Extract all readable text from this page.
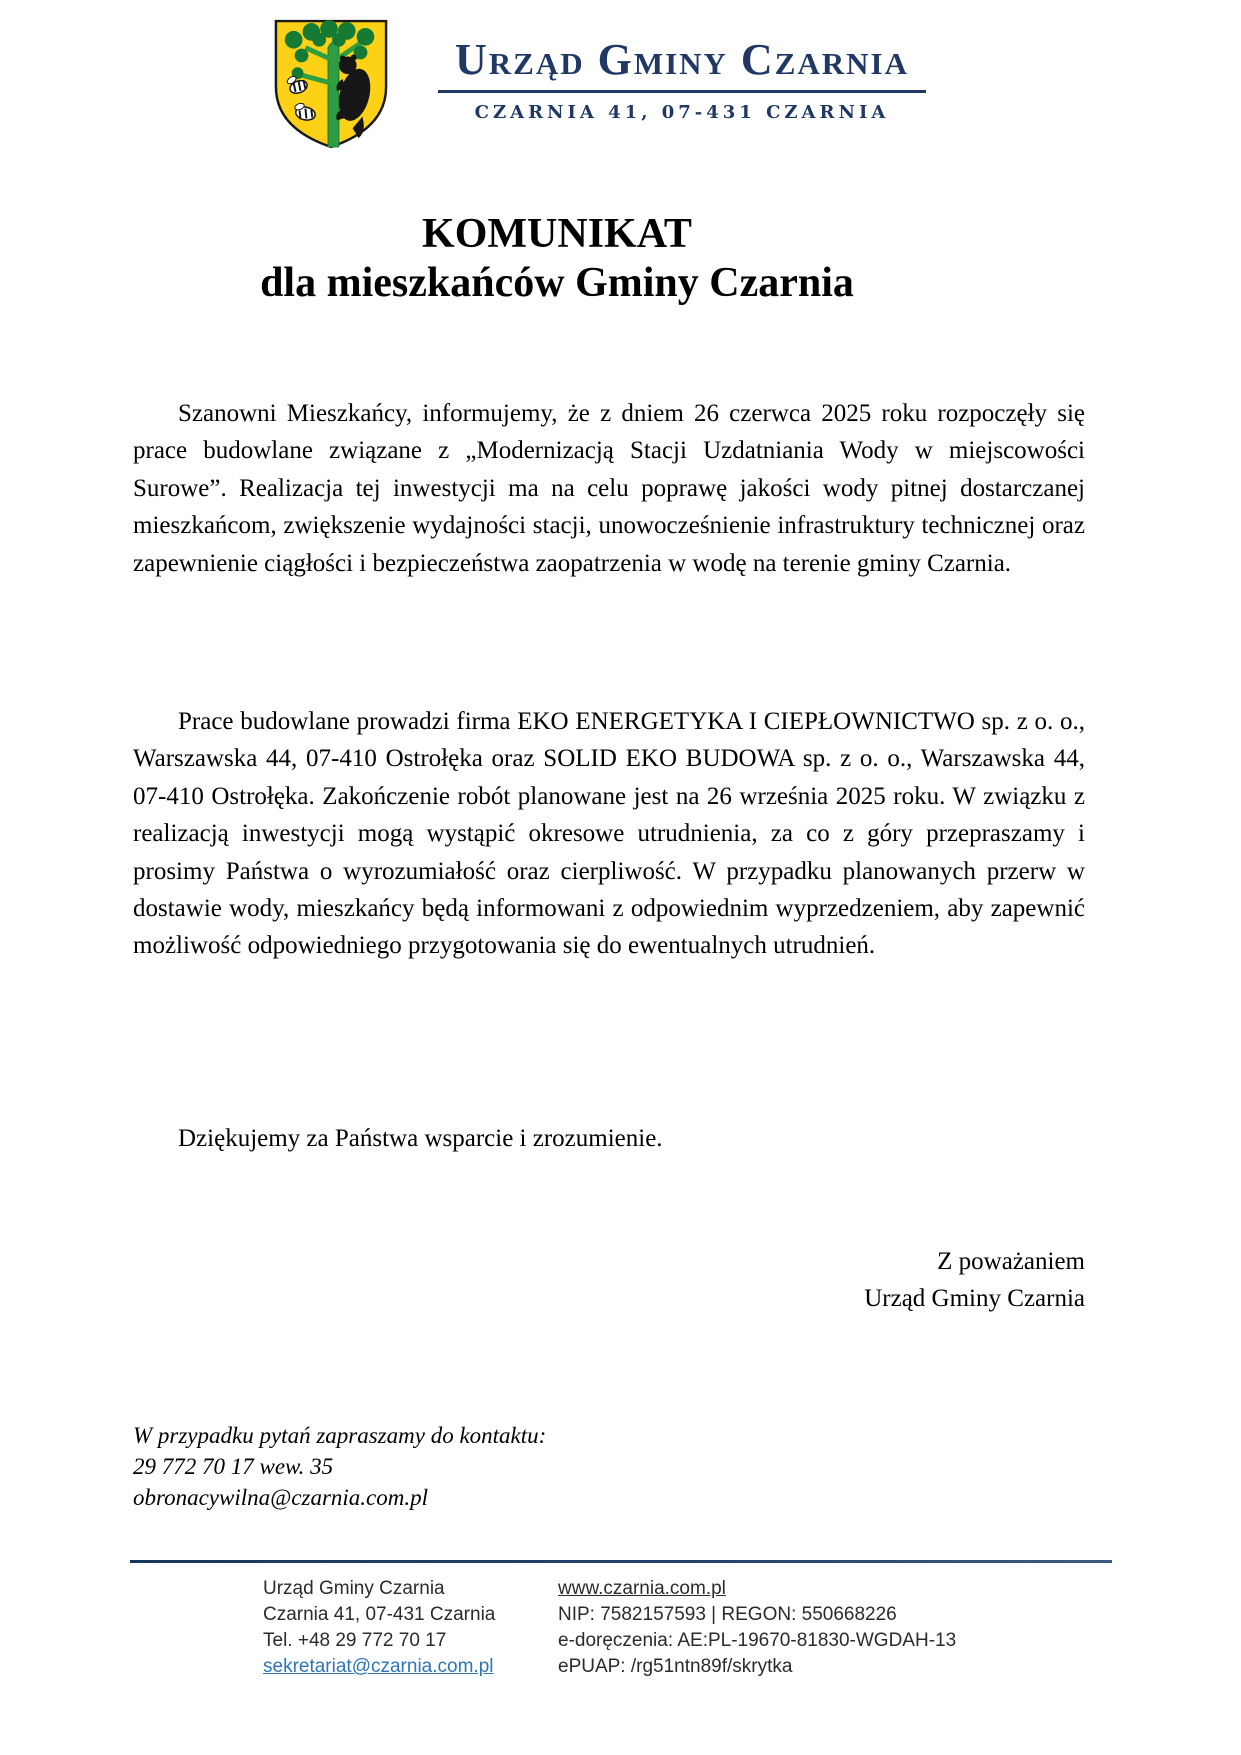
Urząd Gminy Czarnia
CZARNIA 41, 07-431 CZARNIA
KOMUNIKAT
dla mieszkańców Gminy Czarnia

Szanowni Mieszkańcy, informujemy, że z dniem 26 czerwca 2025 roku rozpoczęły się prace budowlane związane z „Modernizacją Stacji Uzdatniania Wody w miejscowości Surowe”. Realizacja tej inwestycji ma na celu poprawę jakości wody pitnej dostarczanej mieszkańcom, zwiększenie wydajności stacji, unowocześnienie infrastruktury technicznej oraz zapewnienie ciągłości i bezpieczeństwa zaopatrzenia w wodę na terenie gminy Czarnia.

Prace budowlane prowadzi firma EKO ENERGETYKA I CIEPŁOWNICTWO sp. z o. o., Warszawska 44, 07-410 Ostrołęka oraz SOLID EKO BUDOWA sp. z o. o., Warszawska 44, 07-410 Ostrołęka. Zakończenie robót planowane jest na 26 września 2025 roku. W związku z realizacją inwestycji mogą wystąpić okresowe utrudnienia, za co z góry przepraszamy i prosimy Państwa o wyrozumiałość oraz cierpliwość. W przypadku planowanych przerw w dostawie wody, mieszkańcy będą informowani z odpowiednim wyprzedzeniem, aby zapewnić możliwość odpowiedniego przygotowania się do ewentualnych utrudnień.

Dziękujemy za Państwa wsparcie i zrozumienie.

Z poważaniem
Urząd Gminy Czarnia
W przypadku pytań zapraszamy do kontaktu:
29 772 70 17 wew. 35
obronacywilna@czarnia.com.pl
Urząd Gminy Czarnia
Czarnia 41, 07-431 Czarnia
Tel. +48 29 772 70 17
sekretariat@czarnia.com.pl
www.czarnia.com.pl
NIP: 7582157593 | REGON: 550668226
e-doręczenia: AE:PL-19670-81830-WGDAH-13
ePUAP: /rg51ntn89f/skrytka
